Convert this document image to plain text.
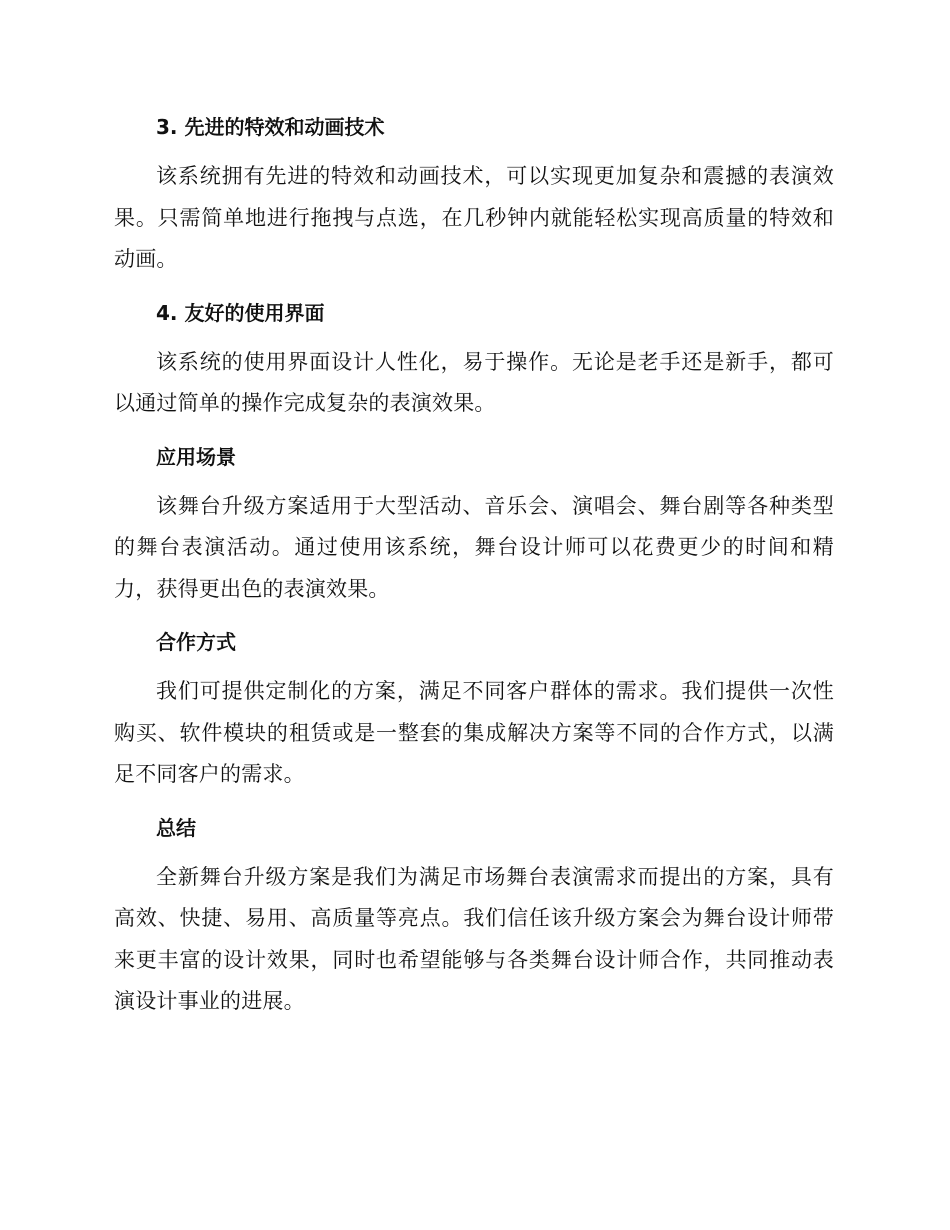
3. 先进的特效和动画技术

该系统拥有先进的特效和动画技术，可以实现更加复杂和震撼的表演效果。只需简单地进行拖拽与点选，在几秒钟内就能轻松实现高质量的特效和动画。

4. 友好的使用界面

该系统的使用界面设计人性化，易于操作。无论是老手还是新手，都可以通过简单的操作完成复杂的表演效果。

应用场景

该舞台升级方案适用于大型活动、音乐会、演唱会、舞台剧等各种类型的舞台表演活动。通过使用该系统，舞台设计师可以花费更少的时间和精力，获得更出色的表演效果。

合作方式

我们可提供定制化的方案，满足不同客户群体的需求。我们提供一次性购买、软件模块的租赁或是一整套的集成解决方案等不同的合作方式，以满足不同客户的需求。

总结

全新舞台升级方案是我们为满足市场舞台表演需求而提出的方案，具有高效、快捷、易用、高质量等亮点。我们信任该升级方案会为舞台设计师带来更丰富的设计效果，同时也希望能够与各类舞台设计师合作，共同推动表演设计事业的进展。
